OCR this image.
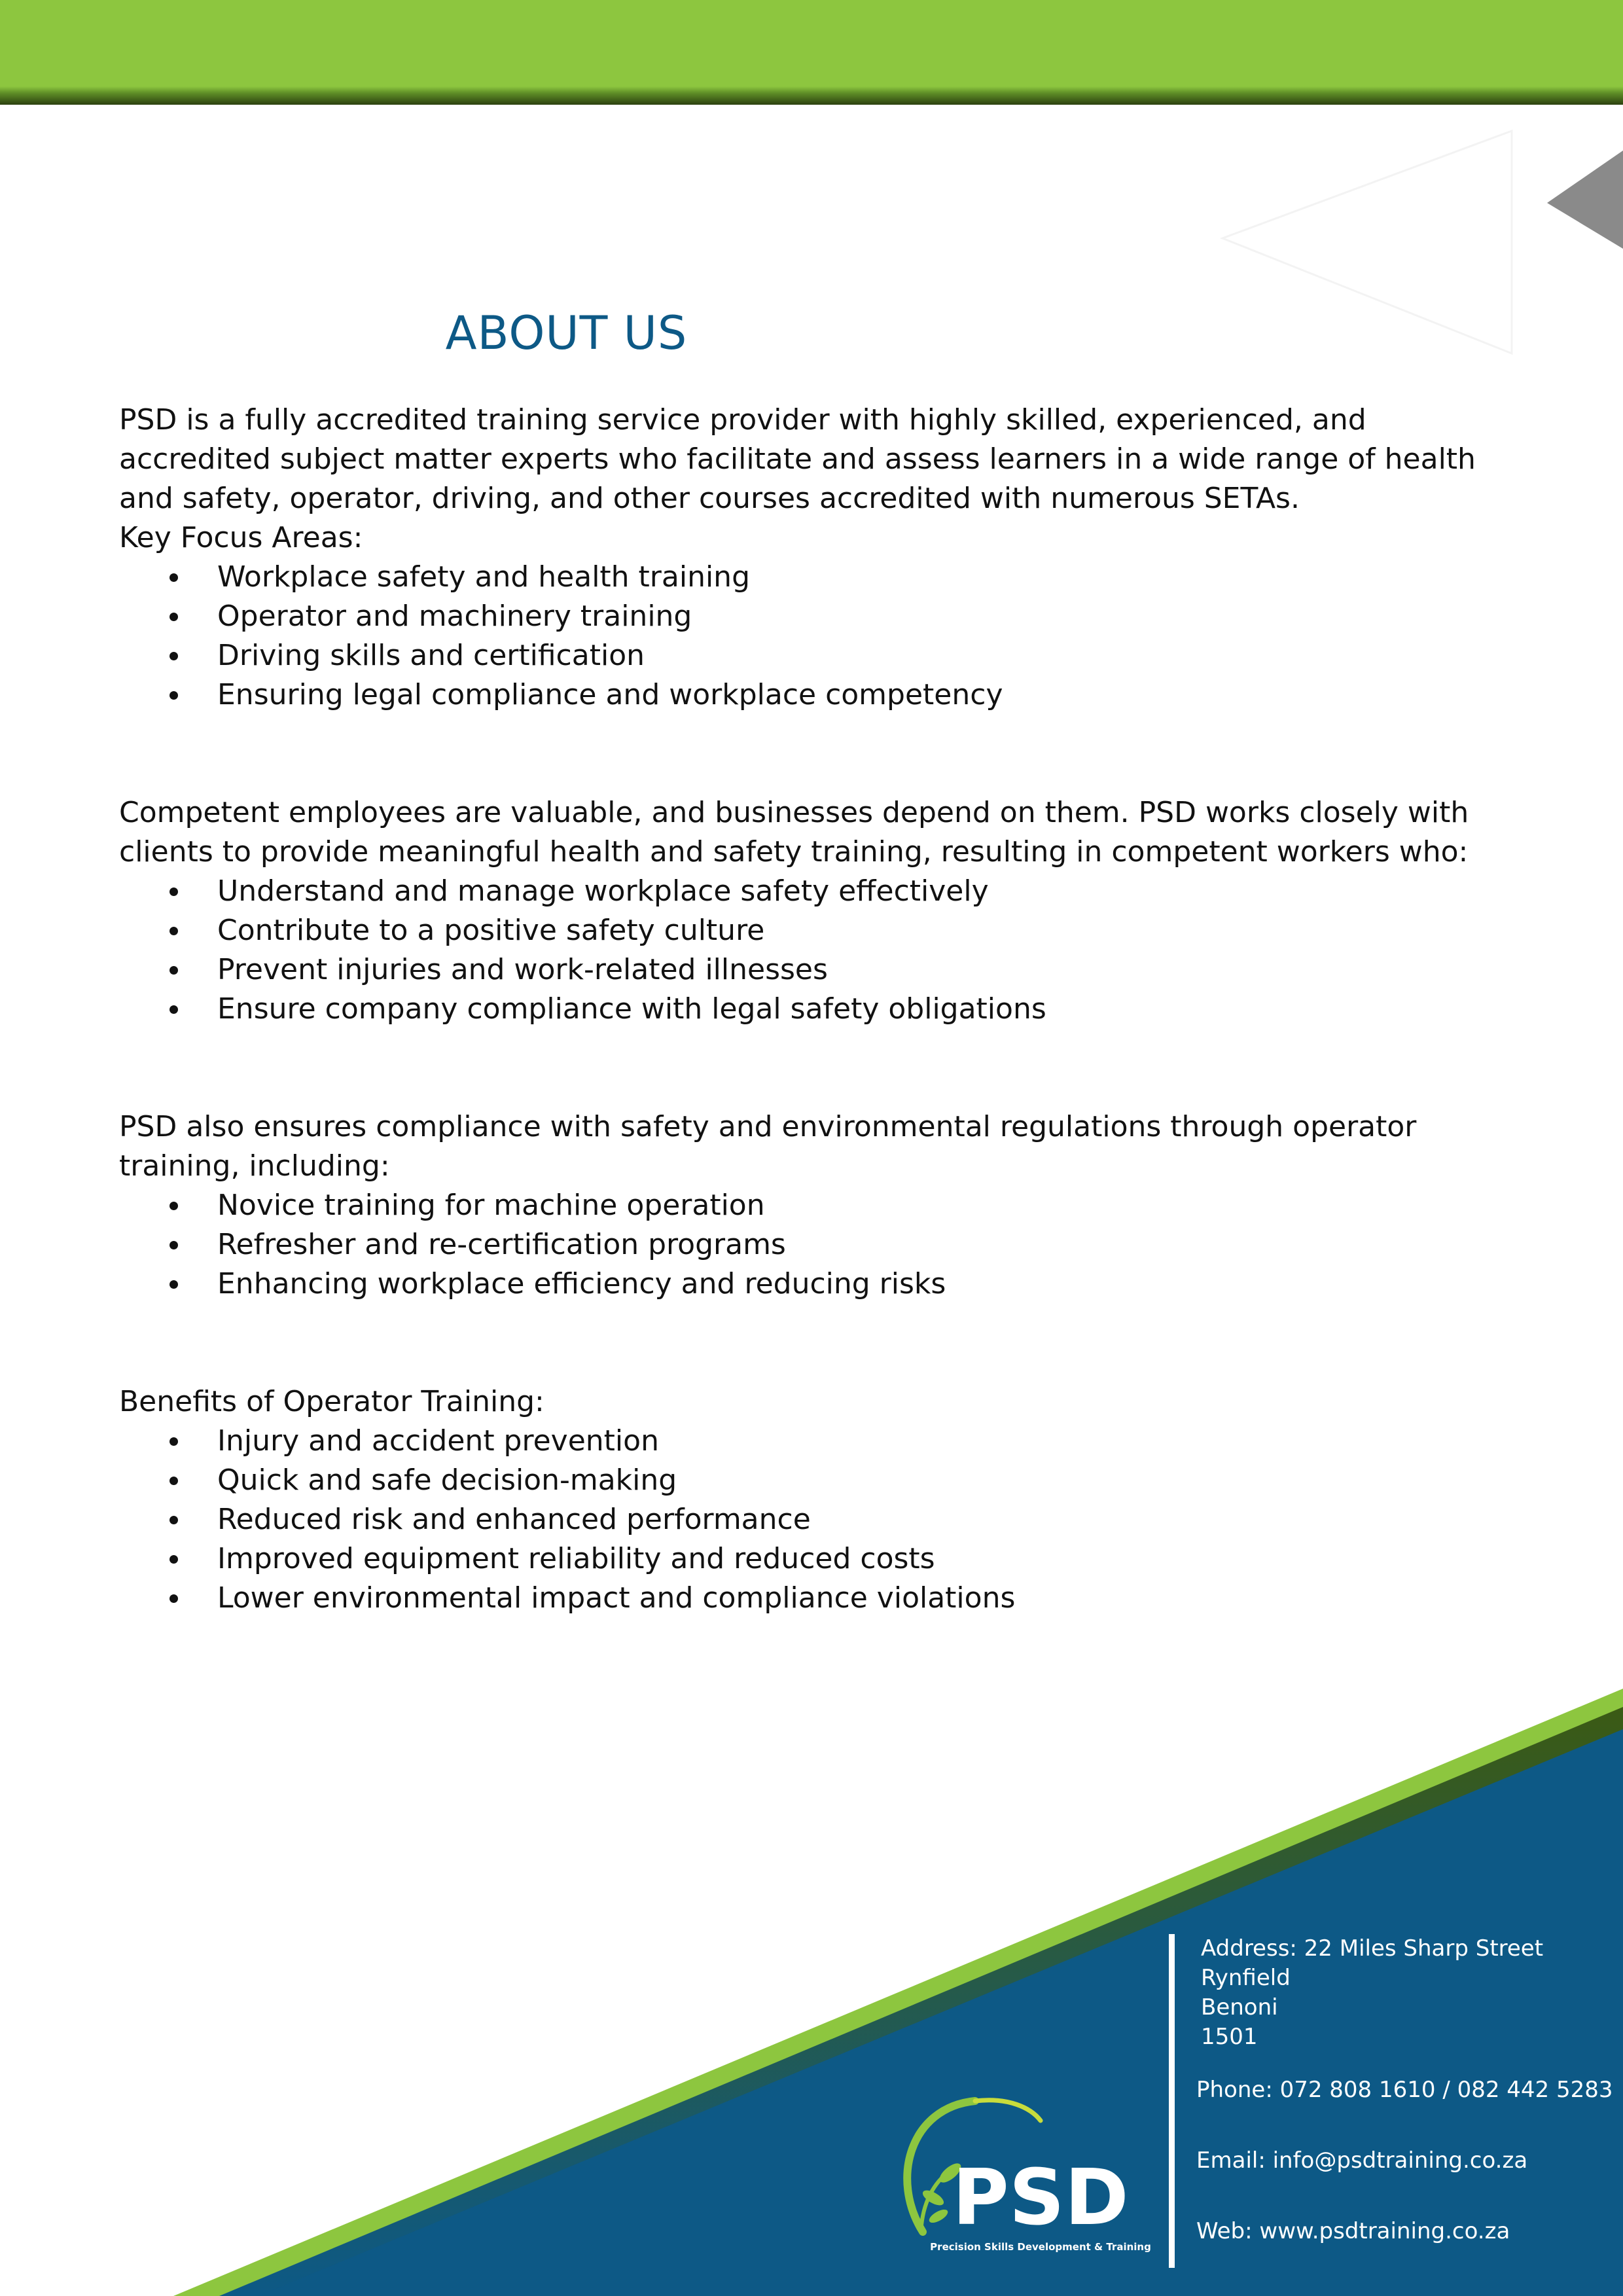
ABOUT US

PSD is a fully accredited training service provider with highly skilled, experienced, and accredited subject matter experts who facilitate and assess learners in a wide range of health and safety, operator, driving, and other courses accredited with numerous SETAs.

Key Focus Areas:

Workplace safety and health training
Operator and machinery training
Driving skills and certification
Ensuring legal compliance and workplace competency

Competent employees are valuable, and businesses depend on them. PSD works closely with clients to provide meaningful health and safety training, resulting in competent workers who:

Understand and manage workplace safety effectively
Contribute to a positive safety culture
Prevent injuries and work-related illnesses
Ensure company compliance with legal safety obligations

PSD also ensures compliance with safety and environmental regulations through operator training, including:

Novice training for machine operation
Refresher and re-certification programs
Enhancing workplace efficiency and reducing risks

Benefits of Operator Training:

Injury and accident prevention
Quick and safe decision-making
Reduced risk and enhanced performance
Improved equipment reliability and reduced costs
Lower environmental impact and compliance violations
PSD
Precision Skills Development & Training
Address: 22 Miles Sharp Street
Rynfield
Benoni
1501
Phone: 072 808 1610 / 082 442 5283
Email: info@psdtraining.co.za
Web: www.psdtraining.co.za
